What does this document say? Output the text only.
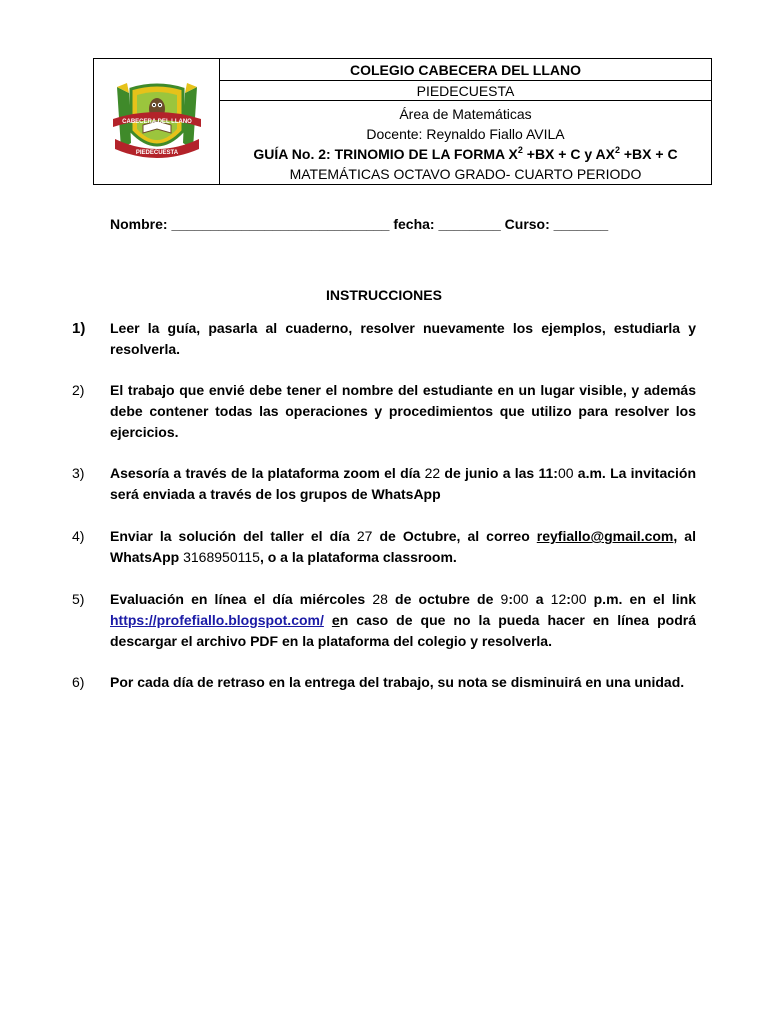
CABECERA DEL LLANO
PIEDECUESTA
COLEGIO CABECERA DEL LLANO
PIEDECUESTA
Área de Matemáticas
Docente: Reynaldo Fiallo AVILA
GUÍA No. 2: TRINOMIO DE LA FORMA $X^2 +BX + C$ y $AX^2 +BX + C$
MATEMÁTICAS OCTAVO GRADO- CUARTO PERIODO
Nombre: ____________________________ fecha: ________ Curso: _______
INSTRUCCIONES
1)	Leer la guía, pasarla al cuaderno, resolver nuevamente los ejemplos, estudiarla y resolverla.
2)	El trabajo que envié debe tener el nombre del estudiante en un lugar visible, y además debe contener todas las operaciones y procedimientos que utilizo para resolver los ejercicios.
3)	Asesoría a través de la plataforma zoom el día 22 de junio a las 11:00 a.m. La invitación será enviada a través de los grupos de WhatsApp
4)	Enviar la solución del taller el día 27 de Octubre, al correo reyfiallo@gmail.com, al WhatsApp 3168950115, o a la plataforma classroom.
5)	Evaluación en línea el día miércoles 28 de octubre de 9:00 a 12:00 p.m. en el link https://profefiallo.blogspot.com/ en caso de que no la pueda hacer en línea podrá descargar el archivo PDF en la plataforma del colegio y resolverla.
6)	Por cada día de retraso en la entrega del trabajo, su nota se disminuirá en una unidad.
